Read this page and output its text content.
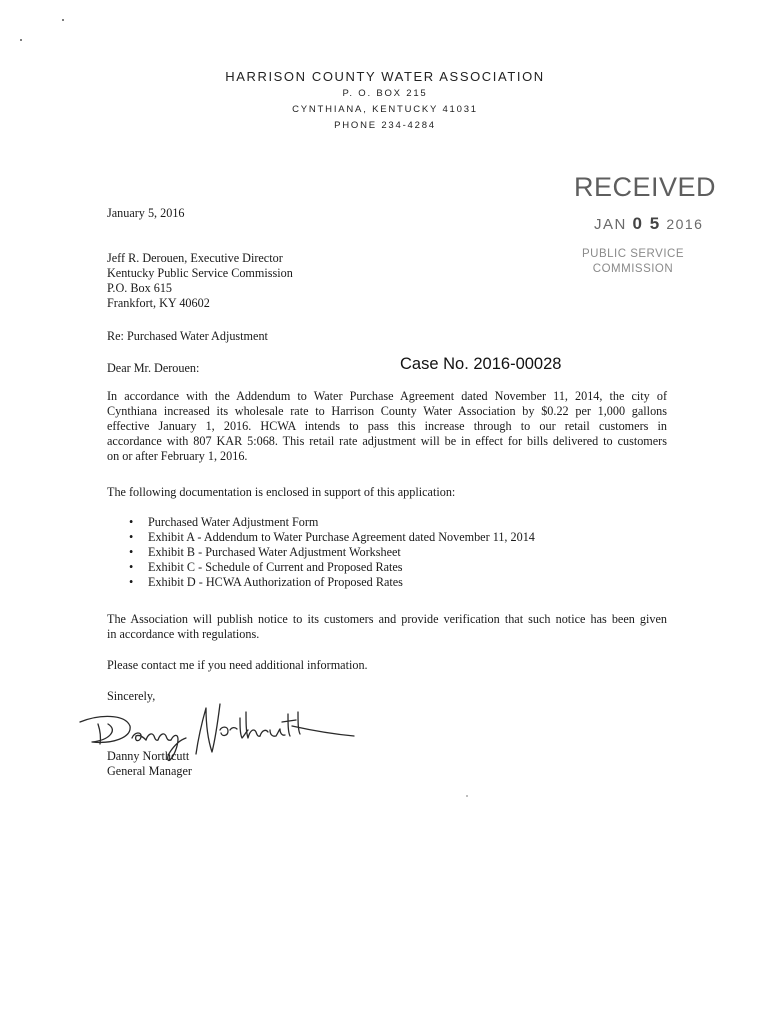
HARRISON COUNTY WATER ASSOCIATION
P. O. BOX 215
CYNTHIANA, KENTUCKY 41031
PHONE 234-4284
RECEIVED
JAN 0 5 2016
PUBLIC SERVICE
COMMISSION
January 5, 2016
Jeff R. Derouen, Executive Director
Kentucky Public Service Commission
P.O. Box 615
Frankfort, KY 40602
Re: Purchased Water Adjustment
Dear Mr. Derouen:	Case No. 2016-00028
In accordance with the Addendum to Water Purchase Agreement dated November 11, 2014, the city of
Cynthiana increased its wholesale rate to Harrison County Water Association by $0.22 per 1,000 gallons
effective January 1, 2016. HCWA intends to pass this increase through to our retail customers in
accordance with 807 KAR 5:068. This retail rate adjustment will be in effect for bills delivered to customers
on or after February 1, 2016.
The following documentation is enclosed in support of this application:
• Purchased Water Adjustment Form
• Exhibit A - Addendum to Water Purchase Agreement dated November 11, 2014
• Exhibit B - Purchased Water Adjustment Worksheet
• Exhibit C - Schedule of Current and Proposed Rates
• Exhibit D - HCWA Authorization of Proposed Rates
The Association will publish notice to its customers and provide verification that such notice has been given
in accordance with regulations.
Please contact me if you need additional information.
Sincerely,
Danny Northcutt
General Manager
